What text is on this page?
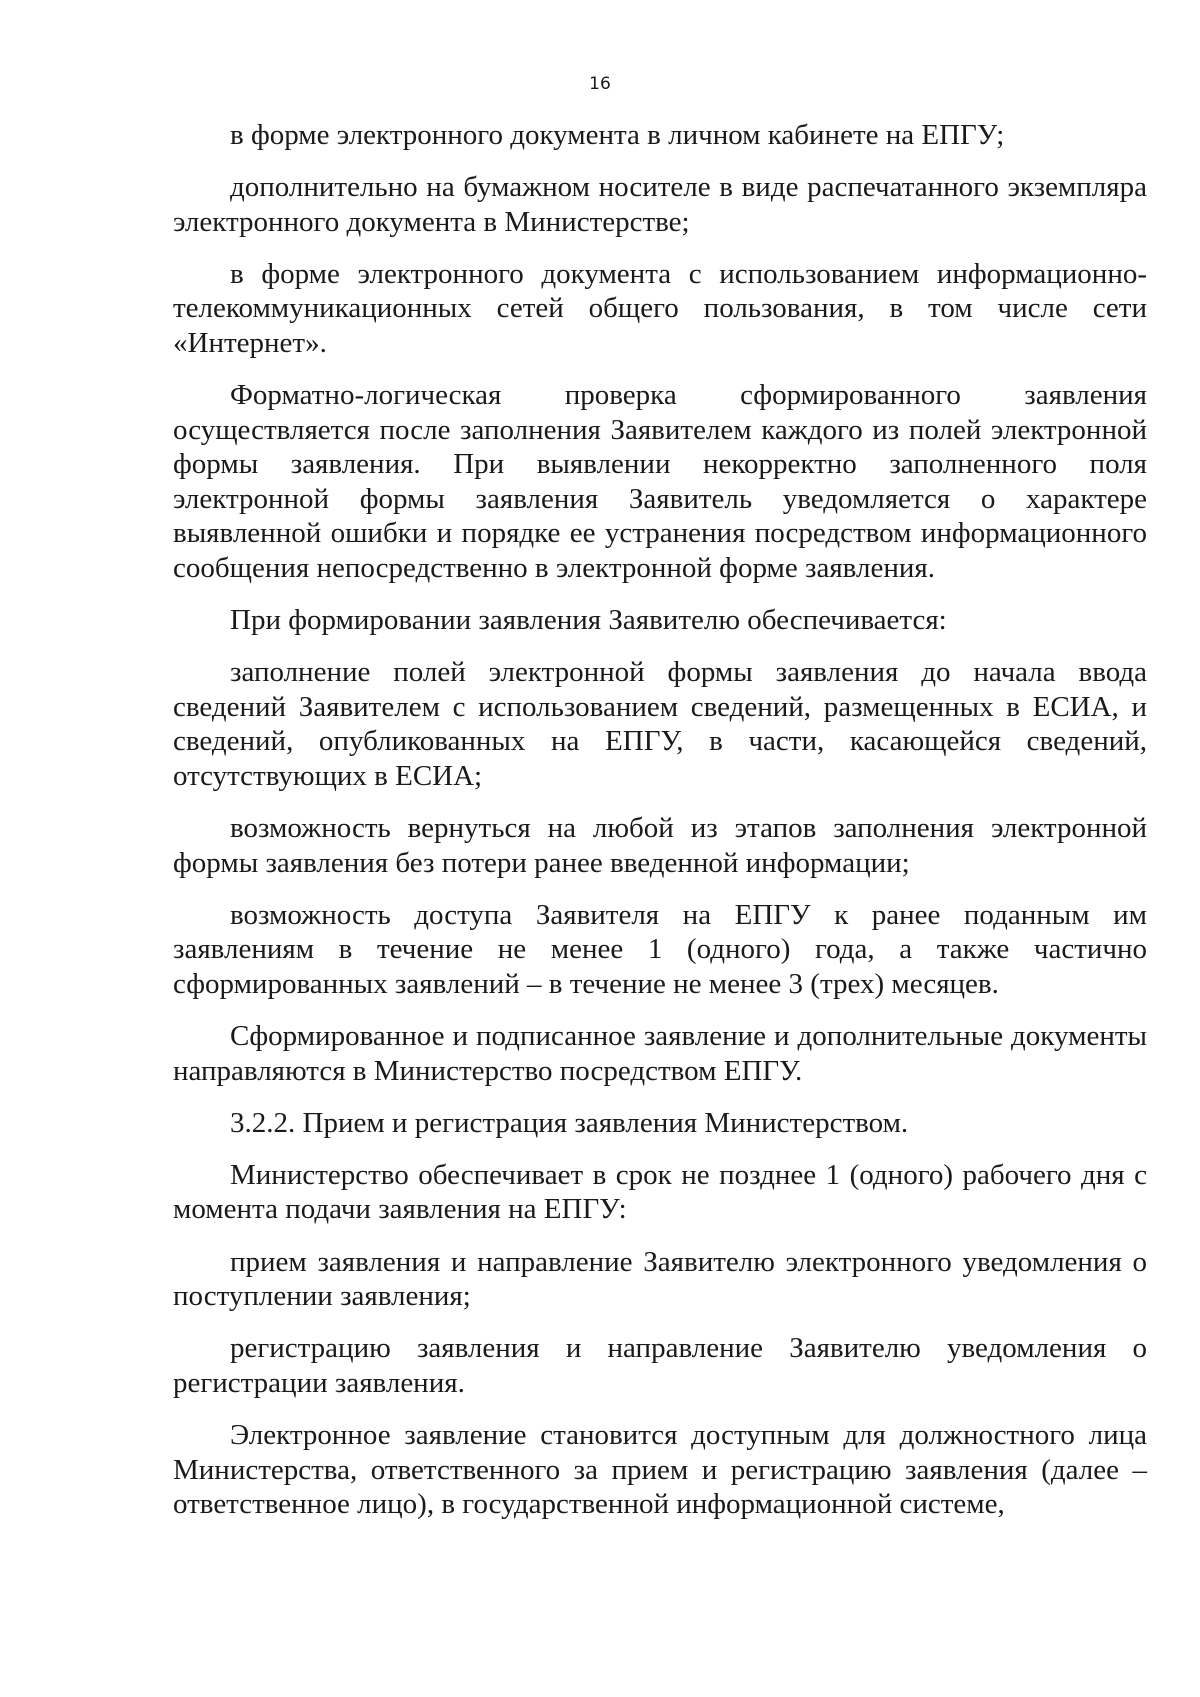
16

в форме электронного документа в личном кабинете на ЕПГУ;

дополнительно на бумажном носителе в виде распечатанного экземпляра электронного документа в Министерстве;

в форме электронного документа с использованием информационно-телекоммуникационных сетей общего пользования, в том числе сети «Интернет».

Форматно-логическая проверка сформированного заявления осуществляется после заполнения Заявителем каждого из полей электронной формы заявления. При выявлении некорректно заполненного поля электронной формы заявления Заявитель уведомляется о характере выявленной ошибки и порядке ее устранения посредством информационного сообщения непосредственно в электронной форме заявления.

При формировании заявления Заявителю обеспечивается:

заполнение полей электронной формы заявления до начала ввода сведений Заявителем с использованием сведений, размещенных в ЕСИА, и сведений, опубликованных на ЕПГУ, в части, касающейся сведений, отсутствующих в ЕСИА;

возможность вернуться на любой из этапов заполнения электронной формы заявления без потери ранее введенной информации;

возможность доступа Заявителя на ЕПГУ к ранее поданным им заявлениям в течение не менее 1 (одного) года, а также частично сформированных заявлений – в течение не менее 3 (трех) месяцев.

Сформированное и подписанное заявление и дополнительные документы направляются в Министерство посредством ЕПГУ.

3.2.2. Прием и регистрация заявления Министерством.

Министерство обеспечивает в срок не позднее 1 (одного) рабочего дня с момента подачи заявления на ЕПГУ:

прием заявления и направление Заявителю электронного уведомления о поступлении заявления;

регистрацию заявления и направление Заявителю уведомления о регистрации заявления.

Электронное заявление становится доступным для должностного лица Министерства, ответственного за прием и регистрацию заявления (далее – ответственное лицо), в государственной информационной системе,
